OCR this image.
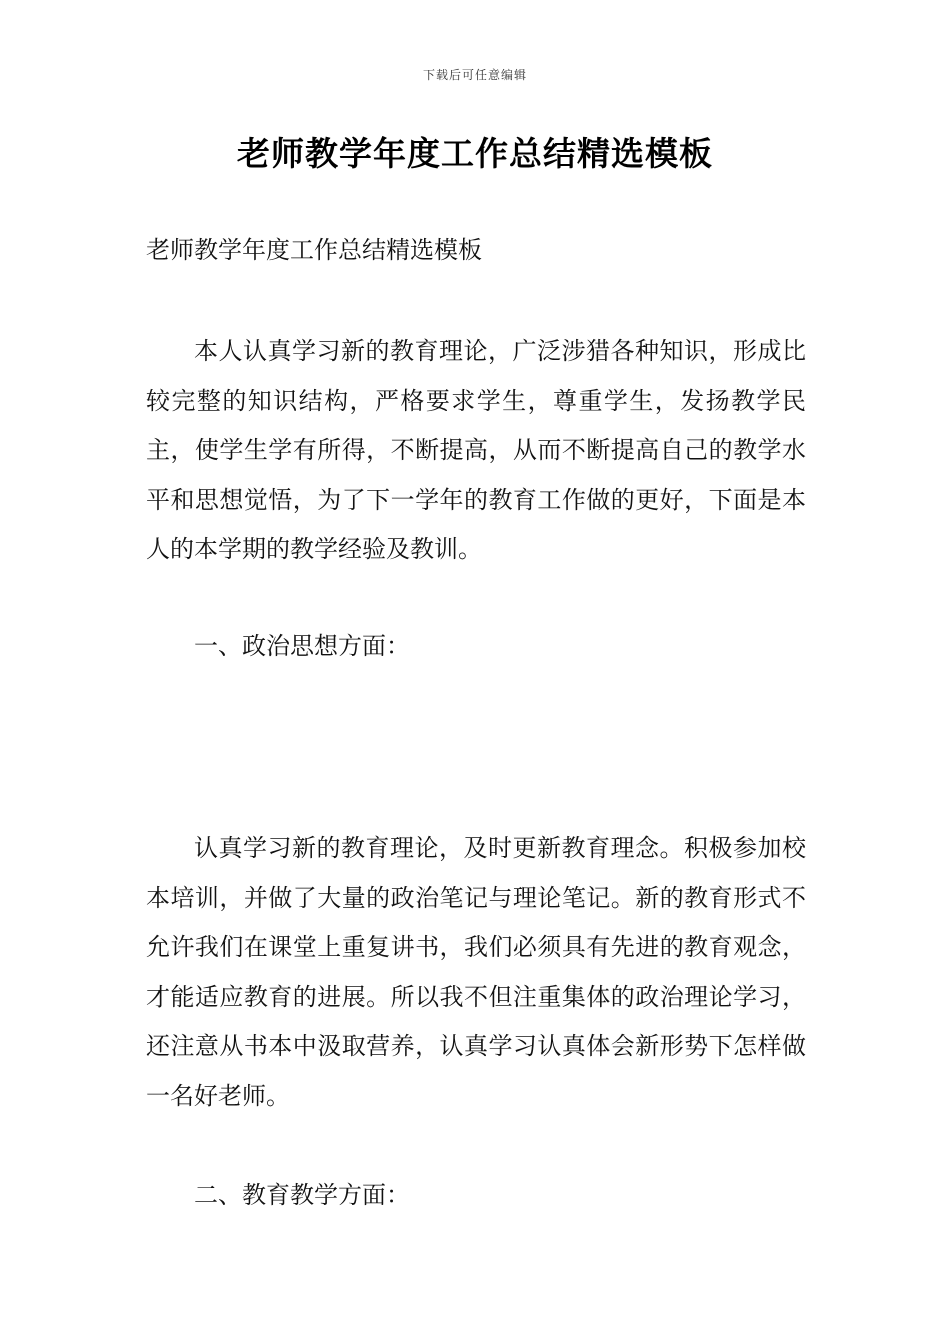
下载后可任意编辑
老师教学年度工作总结精选模板

老师教学年度工作总结精选模板

本人认真学习新的教育理论，广泛涉猎各种知识，形成比较完整的知识结构，严格要求学生，尊重学生，发扬教学民主，使学生学有所得，不断提高，从而不断提高自己的教学水平和思想觉悟，为了下一学年的教育工作做的更好，下面是本人的本学期的教学经验及教训。

一、政治思想方面：

认真学习新的教育理论，及时更新教育理念。积极参加校本培训，并做了大量的政治笔记与理论笔记。新的教育形式不允许我们在课堂上重复讲书，我们必须具有先进的教育观念，才能适应教育的进展。所以我不但注重集体的政治理论学习，还注意从书本中汲取营养，认真学习认真体会新形势下怎样做一名好老师。

二、教育教学方面：
